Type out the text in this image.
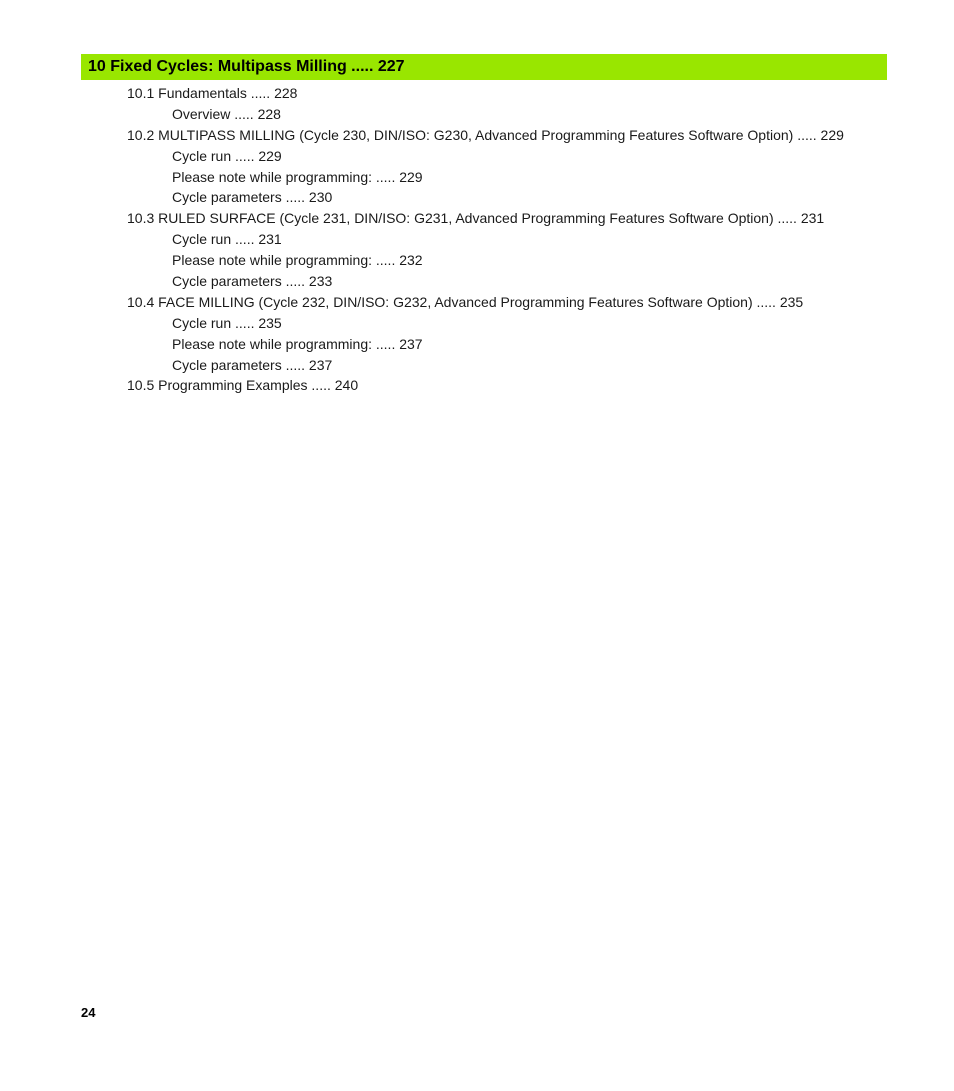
10 Fixed Cycles: Multipass Milling ..... 227
10.1 Fundamentals ..... 228
Overview ..... 228
10.2 MULTIPASS MILLING (Cycle 230, DIN/ISO: G230, Advanced Programming Features Software Option) ..... 229
Cycle run ..... 229
Please note while programming: ..... 229
Cycle parameters ..... 230
10.3 RULED SURFACE (Cycle 231, DIN/ISO: G231, Advanced Programming Features Software Option) ..... 231
Cycle run ..... 231
Please note while programming: ..... 232
Cycle parameters ..... 233
10.4 FACE MILLING (Cycle 232, DIN/ISO: G232, Advanced Programming Features Software Option) ..... 235
Cycle run ..... 235
Please note while programming: ..... 237
Cycle parameters ..... 237
10.5 Programming Examples ..... 240
24
